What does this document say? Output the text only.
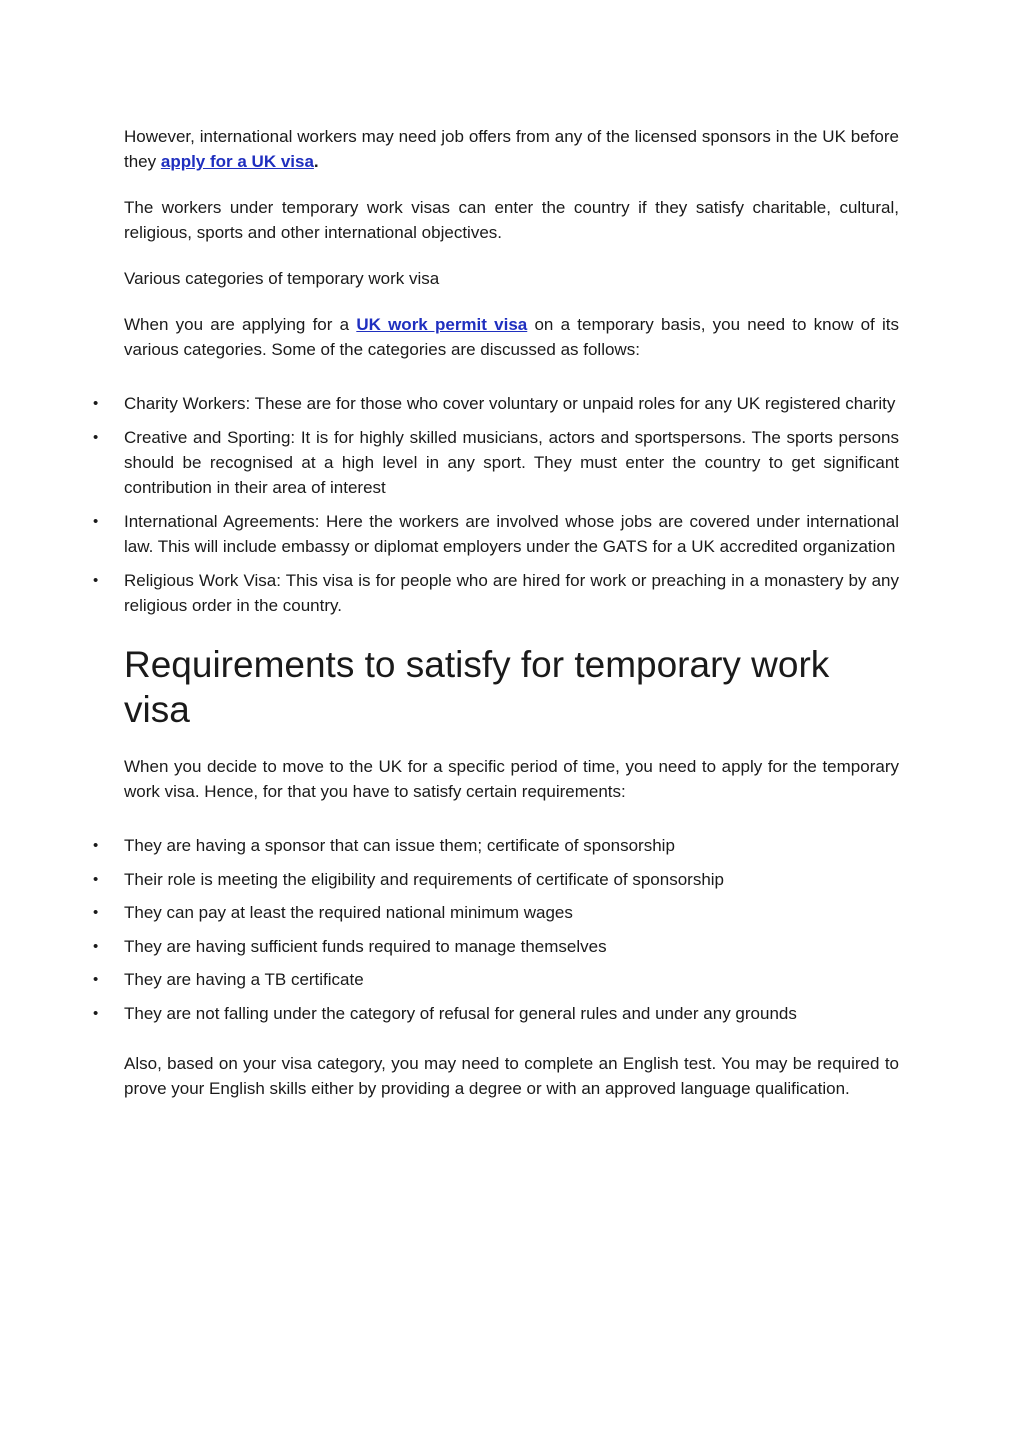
However, international workers may need job offers from any of the licensed sponsors in the UK before they apply for a UK visa.

The workers under temporary work visas can enter the country if they satisfy charitable, cultural, religious, sports and other international objectives.

Various categories of temporary work visa

When you are applying for a UK work permit visa on a temporary basis, you need to know of its various categories. Some of the categories are discussed as follows:

• Charity Workers: These are for those who cover voluntary or unpaid roles for any UK registered charity
• Creative and Sporting: It is for highly skilled musicians, actors and sportspersons. The sports persons should be recognised at a high level in any sport. They must enter the country to get significant contribution in their area of interest
• International Agreements: Here the workers are involved whose jobs are covered under international law. This will include embassy or diplomat employers under the GATS for a UK accredited organization
• Religious Work Visa: This visa is for people who are hired for work or preaching in a monastery by any religious order in the country.
Requirements to satisfy for temporary work visa

When you decide to move to the UK for a specific period of time, you need to apply for the temporary work visa. Hence, for that you have to satisfy certain requirements:

• They are having a sponsor that can issue them; certificate of sponsorship
• Their role is meeting the eligibility and requirements of certificate of sponsorship
• They can pay at least the required national minimum wages
• They are having sufficient funds required to manage themselves
• They are having a TB certificate
• They are not falling under the category of refusal for general rules and under any grounds

Also, based on your visa category, you may need to complete an English test. You may be required to prove your English skills either by providing a degree or with an approved language qualification.
